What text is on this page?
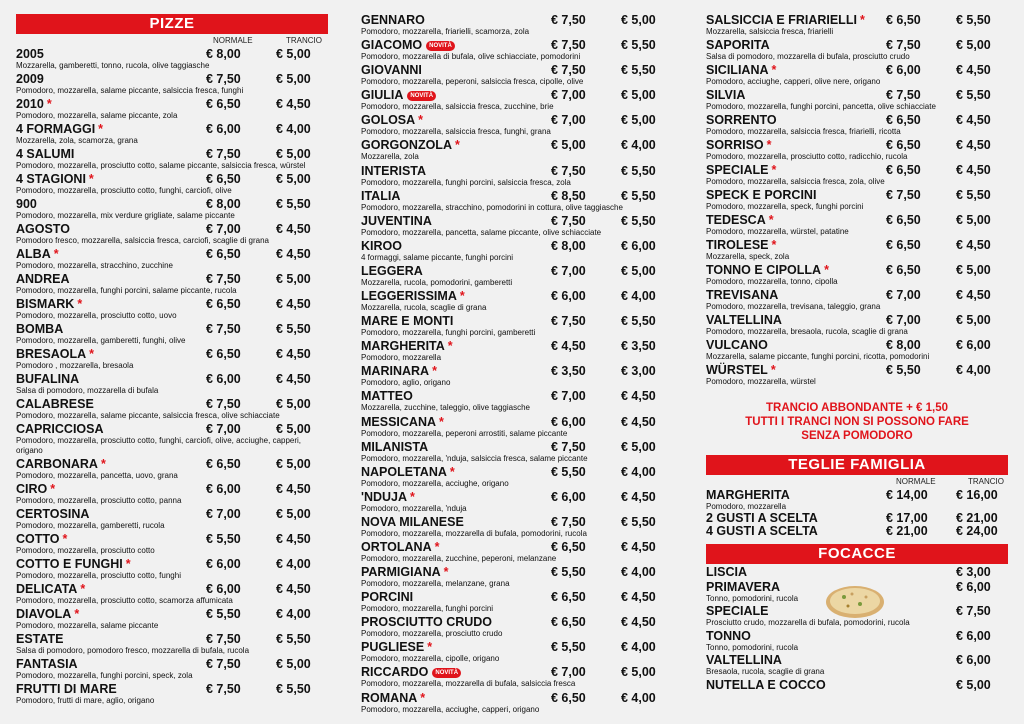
PIZZE
NORMALE	TRANCIO
2005	€ 8,00	€ 5,00
Mozzarella, gamberetti, tonno, rucola, olive taggiasche
2009	€ 7,50	€ 5,00
Pomodoro, mozzarella, salame piccante, salsiccia fresca, funghi
2010 *	€ 6,50	€ 4,50
Pomodoro, mozzarella, salame piccante, zola
4 FORMAGGI *	€ 6,00	€ 4,00
Mozzarella, zola, scamorza, grana
4 SALUMI	€ 7,50	€ 5,00
Pomodoro, mozzarella, prosciutto cotto, salame piccante, salsiccia fresca, würstel
4 STAGIONI *	€ 6,50	€ 5,00
Pomodoro, mozzarella, prosciutto cotto, funghi, carciofi, olive
900	€ 8,00	€ 5,50
Pomodoro, mozzarella, mix verdure grigliate, salame piccante
AGOSTO	€ 7,00	€ 4,50
Pomodoro fresco, mozzarella, salsiccia fresca, carciofi, scaglie di grana
ALBA *	€ 6,50	€ 4,50
Pomodoro, mozzarella, stracchino, zucchine
ANDREA	€ 7,50	€ 5,00
Pomodoro, mozzarella, funghi porcini, salame piccante, rucola
BISMARK *	€ 6,50	€ 4,50
Pomodoro, mozzarella, prosciutto cotto, uovo
BOMBA	€ 7,50	€ 5,50
Pomodoro, mozzarella, gamberetti, funghi, olive
BRESAOLA *	€ 6,50	€ 4,50
Pomodoro , mozzarella, bresaola
BUFALINA	€ 6,00	€ 4,50
Salsa di pomodoro, mozzarella di bufala
CALABRESE	€ 7,50	€ 5,00
Pomodoro, mozzarella, salame piccante, salsiccia fresca, olive schiacciate
CAPRICCIOSA	€ 7,00	€ 5,00
Pomodoro, mozzarella, prosciutto cotto, funghi, carciofi, olive, acciughe, capperi, origano
CARBONARA *	€ 6,50	€ 5,00
Pomodoro, mozzarella, pancetta, uovo, grana
CIRO *	€ 6,00	€ 4,50
Pomodoro, mozzarella, prosciutto cotto, panna
CERTOSINA	€ 7,00	€ 5,00
Pomodoro, mozzarella, gamberetti, rucola
COTTO *	€ 5,50	€ 4,50
Pomodoro, mozzarella, prosciutto cotto
COTTO E FUNGHI *	€ 6,00	€ 4,00
Pomodoro, mozzarella, prosciutto cotto, funghi
DELICATA *	€ 6,00	€ 4,50
Pomodoro, mozzarella, prosciutto cotto, scamorza affumicata
DIAVOLA *	€ 5,50	€ 4,00
Pomodoro, mozzarella, salame piccante
ESTATE	€ 7,50	€ 5,50
Salsa di pomodoro, pomodoro fresco, mozzarella di bufala, rucola
FANTASIA	€ 7,50	€ 5,00
Pomodoro, mozzarella, funghi porcini, speck, zola
FRUTTI DI MARE	€ 7,50	€ 5,50
Pomodoro, frutti di mare, aglio, origano
GENNARO	€ 7,50	€ 5,00
Pomodoro, mozzarella, friarielli, scamorza, zola
GIACOMO NOVITÀ	€ 7,50	€ 5,50
Pomodoro, mozzarella di bufala, olive schiacciate, pomodorini
GIOVANNI	€ 7,50	€ 5,50
Pomodoro, mozzarella, peperoni, salsiccia fresca, cipolle, olive
GIULIA NOVITÀ	€ 7,00	€ 5,00
Pomodoro, mozzarella, salsiccia fresca, zucchine, brie
GOLOSA *	€ 7,00	€ 5,00
Pomodoro, mozzarella, salsiccia fresca, funghi, grana
GORGONZOLA *	€ 5,00	€ 4,00
Mozzarella, zola
INTERISTA	€ 7,50	€ 5,50
Pomodoro, mozzarella, funghi porcini, salsiccia fresca, zola
ITALIA	€ 8,50	€ 5,50
Pomodoro, mozzarella, stracchino, pomodorini in cottura, olive taggiasche
JUVENTINA	€ 7,50	€ 5,50
Pomodoro, mozzarella, pancetta, salame piccante, olive schiacciate
KIROO	€ 8,00	€ 6,00
4 formaggi, salame piccante, funghi porcini
LEGGERA	€ 7,00	€ 5,00
Mozzarella, rucola, pomodorini, gamberetti
LEGGERISSIMA *	€ 6,00	€ 4,00
Mozzarella, rucola, scaglie di grana
MARE E MONTI	€ 7,50	€ 5,50
Pomodoro, mozzarella, funghi porcini, gamberetti
MARGHERITA *	€ 4,50	€ 3,50
Pomodoro, mozzarella
MARINARA *	€ 3,50	€ 3,00
Pomodoro, aglio, origano
MATTEO	€ 7,00	€ 4,50
Mozzarella, zucchine, taleggio, olive taggiasche
MESSICANA *	€ 6,00	€ 4,50
Pomodoro, mozzarella, peperoni arrostiti, salame piccante
MILANISTA	€ 7,50	€ 5,00
Pomodoro, mozzarella, 'nduja, salsiccia fresca, salame piccante
NAPOLETANA *	€ 5,50	€ 4,00
Pomodoro, mozzarella, acciughe, origano
'NDUJA *	€ 6,00	€ 4,50
Pomodoro, mozzarella, 'nduja
NOVA MILANESE	€ 7,50	€ 5,50
Pomodoro, mozzarella, mozzarella di bufala, pomodorini, rucola
ORTOLANA *	€ 6,50	€ 4,50
Pomodoro, mozzarella, zucchine, peperoni, melanzane
PARMIGIANA *	€ 5,50	€ 4,00
Pomodoro, mozzarella, melanzane, grana
PORCINI	€ 6,50	€ 4,50
Pomodoro, mozzarella, funghi porcini
PROSCIUTTO CRUDO	€ 6,50	€ 4,50
Pomodoro, mozzarella, prosciutto crudo
PUGLIESE *	€ 5,50	€ 4,00
Pomodoro, mozzarella, cipolle, origano
RICCARDO NOVITÀ	€ 7,00	€ 5,00
Pomodoro, mozzarella, mozzarella di bufala, salsiccia fresca
ROMANA *	€ 6,50	€ 4,00
Pomodoro, mozzarella, acciughe, capperi, origano
SALSICCIA E FRIARIELLI * € 6,50	€ 5,50
Mozzarella, salsiccia fresca, friarielli
SAPORITA	€ 7,50	€ 5,00
Salsa di pomodoro, mozzarella di bufala, prosciutto crudo
SICILIANA *	€ 6,00	€ 4,50
Pomodoro, acciughe, capperi, olive nere, origano
SILVIA	€ 7,50	€ 5,50
Pomodoro, mozzarella, funghi porcini, pancetta, olive schiacciate
SORRENTO	€ 6,50	€ 4,50
Pomodoro, mozzarella, salsiccia fresca, friarielli, ricotta
SORRISO *	€ 6,50	€ 4,50
Pomodoro, mozzarella, prosciutto cotto, radicchio, rucola
SPECIALE *	€ 6,50	€ 4,50
Pomodoro, mozzarella, salsiccia fresca, zola, olive
SPECK E PORCINI	€ 7,50	€ 5,50
Pomodoro, mozzarella, speck, funghi porcini
TEDESCA *	€ 6,50	€ 5,00
Pomodoro, mozzarella, würstel, patatine
TIROLESE *	€ 6,50	€ 4,50
Mozzarella, speck, zola
TONNO E CIPOLLA *	€ 6,50	€ 5,00
Pomodoro, mozzarella, tonno, cipolla
TREVISANA	€ 7,00	€ 4,50
Pomodoro, mozzarella, trevisana, taleggio, grana
VALTELLINA	€ 7,00	€ 5,00
Pomodoro, mozzarella, bresaola, rucola, scaglie di grana
VULCANO	€ 8,00	€ 6,00
Mozzarella, salame piccante, funghi porcini, ricotta, pomodorini
WÜRSTEL *	€ 5,50	€ 4,00
Pomodoro, mozzarella, würstel
TRANCIO ABBONDANTE + € 1,50
TUTTI I TRANCI NON SI POSSONO FARE
SENZA POMODORO
TEGLIE FAMIGLIA
NORMALE	TRANCIO
MARGHERITA	€ 14,00 € 16,00
Pomodoro, mozzarella
2 GUSTI A SCELTA	€ 17,00 € 21,00
4 GUSTI A SCELTA	€ 21,00 € 24,00
FOCACCE
LISCIA	€ 3,00
PRIMAVERA	€ 6,00
Tonno, pomodorini, rucola
SPECIALE	€ 7,50
Prosciutto crudo, mozzarella di bufala, pomodorini, rucola
TONNO	€ 6,00
Tonno, pomodorini, rucola
VALTELLINA	€ 6,00
Bresaola, rucola, scaglie di grana
NUTELLA E COCCO	€ 5,00
